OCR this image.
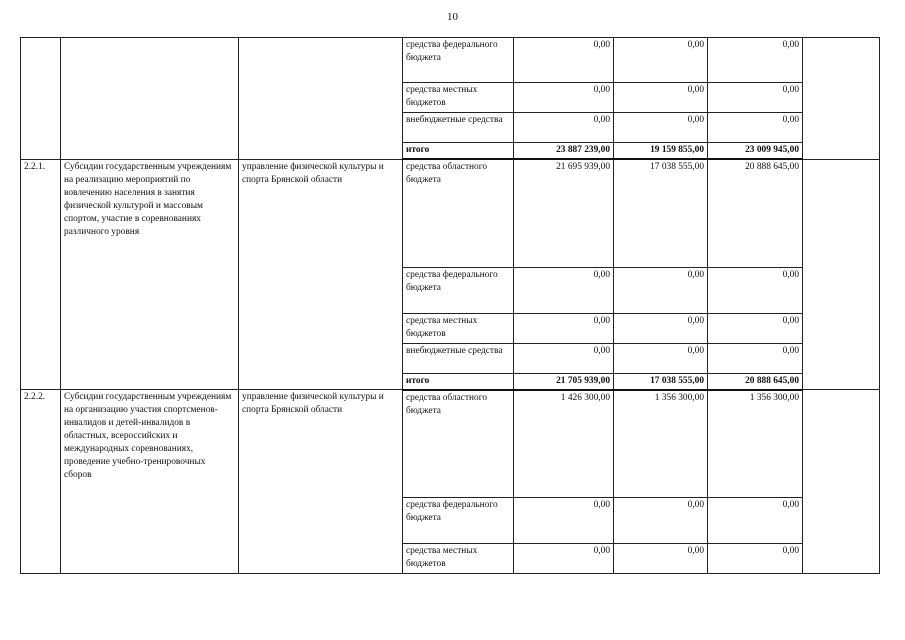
10
			средства федерального бюджета	0,00	0,00	0,00	
			средства местных бюджетов	0,00	0,00	0,00	
			внебюджетные средства	0,00	0,00	0,00	
			итого	23 887 239,00	19 159 855,00	23 009 945,00	
2.2.1.	Субсидии государственным учреждениям на реализацию мероприятий по вовлечению населения в занятия физической культурой и массовым спортом, участие в соревнованиях различного уровня	управление физической культуры и спорта Брянской области	средства областного бюджета	21 695 939,00	17 038 555,00	20 888 645,00	
			средства федерального бюджета	0,00	0,00	0,00	
			средства местных бюджетов	0,00	0,00	0,00	
			внебюджетные средства	0,00	0,00	0,00	
			итого	21 705 939,00	17 038 555,00	20 888 645,00	
2.2.2.	Субсидии государственным учреждениям на организацию участия спортсменов-инвалидов и детей-инвалидов в областных, всероссийских и международных соревнованиях, проведение учебно-тренировочных сборов	управление физической культуры и спорта Брянской области	средства областного бюджета	1 426 300,00	1 356 300,00	1 356 300,00	
			средства федерального бюджета	0,00	0,00	0,00	
			средства местных бюджетов	0,00	0,00	0,00	
